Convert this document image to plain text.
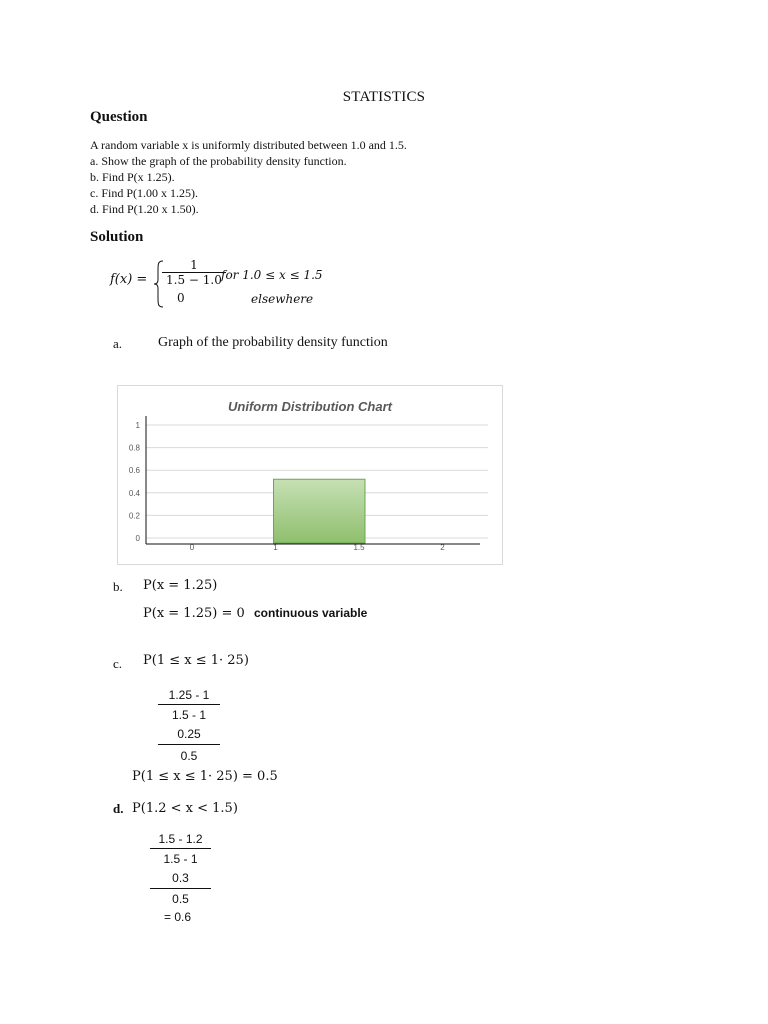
STATISTICS
Question
A random variable x is uniformly distributed between 1.0 and 1.5.
a. Show the graph of the probability density function.
b. Find P(x 1.25).
c. Find P(1.00 x 1.25).
d. Find P(1.20 x 1.50).
Solution
$f(x) = \frac{1}{1.5 - 1.0}$
for 1.0 ≤ x ≤ 1.5
0	elsewhere
a.	Graph of the probability density function
Uniform Distribution Chart
0
0.2
0.4
0.6
0.8
1
0	1	1.5	2
b. P(x = 1.25)
P(x = 1.25) = 0 continuous variable
c. P(1 ≤ x ≤ 1· 25)
1.25 - 1
1.5 - 1
0.25
0.5
P(1 ≤ x ≤ 1· 25) = 0.5
d. P(1.2 < x < 1.5)
1.5 - 1.2
1.5 - 1
0.3
0.5
= 0.6
